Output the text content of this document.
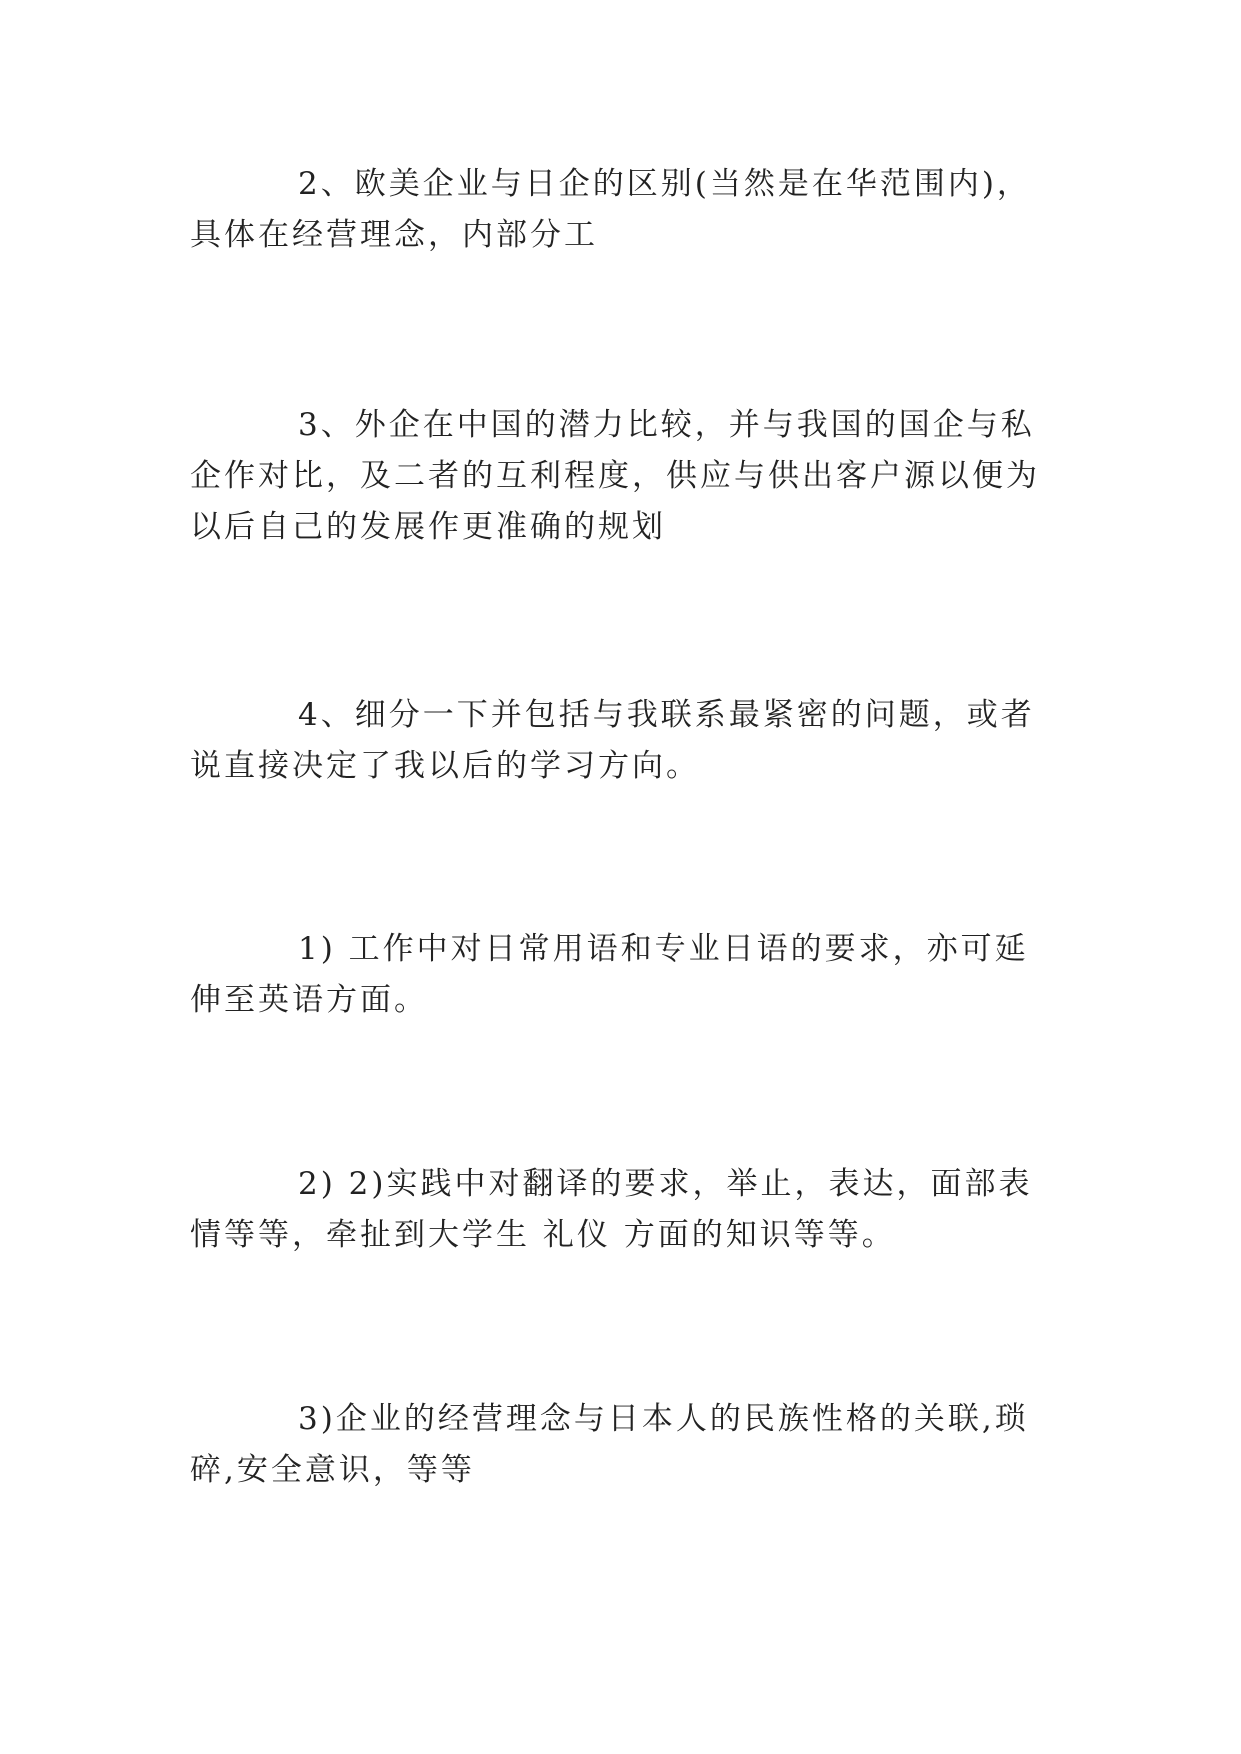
2、欧美企业与日企的区别(当然是在华范围内)，具体在经营理念，内部分工

3、外企在中国的潜力比较，并与我国的国企与私企作对比，及二者的互利程度，供应与供出客户源以便为以后自己的发展作更准确的规划

4、细分一下并包括与我联系最紧密的问题，或者说直接决定了我以后的学习方向。

1) 工作中对日常用语和专业日语的要求，亦可延伸至英语方面。

2) 2)实践中对翻译的要求，举止，表达，面部表情等等，牵扯到大学生 礼仪 方面的知识等等。

3)企业的经营理念与日本人的民族性格的关联,琐碎,安全意识，等等
